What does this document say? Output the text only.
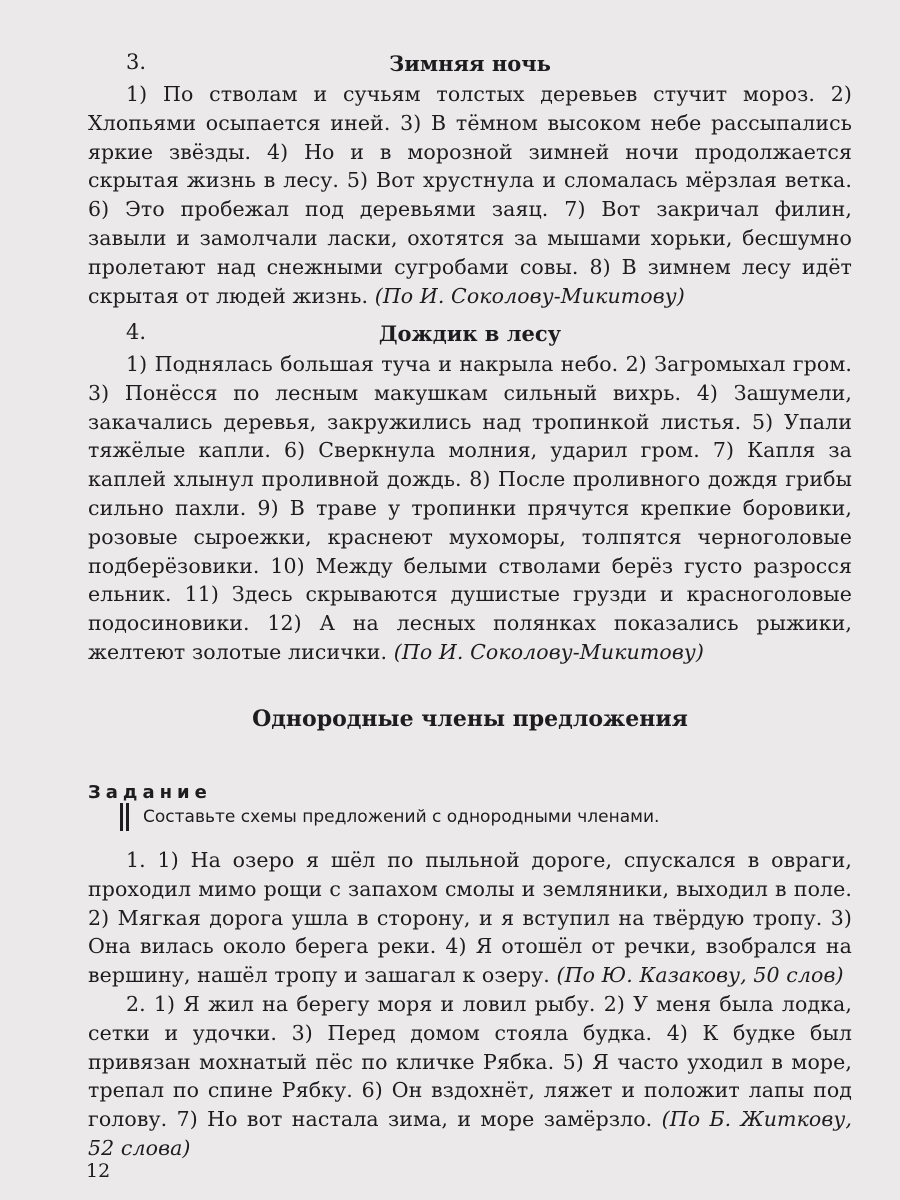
3.	Зимняя ночь

1) По стволам и сучьям толстых деревьев стучит мороз. 2) Хлопьями осыпается иней. 3) В тёмном высоком небе рассыпались яркие звёзды. 4) Но и в морозной зимней ночи продолжается скрытая жизнь в лесу. 5) Вот хрустнула и сломалась мёрзлая ветка. 6) Это пробежал под деревьями заяц. 7) Вот закричал филин, завыли и замолчали ласки, охотятся за мышами хорьки, бесшумно пролетают над снежными сугробами совы. 8) В зимнем лесу идёт скрытая от людей жизнь. (По И. Соколову-Микитову)

4.	Дождик в лесу

1) Поднялась большая туча и накрыла небо. 2) Загромыхал гром. 3) Понёсся по лесным макушкам сильный вихрь. 4) Зашумели, закачались деревья, закружились над тропинкой листья. 5) Упали тяжёлые капли. 6) Сверкнула молния, ударил гром. 7) Капля за каплей хлынул проливной дождь. 8) После проливного дождя грибы сильно пахли. 9) В траве у тропинки прячутся крепкие боровики, розовые сыроежки, краснеют мухоморы, толпятся черноголовые подберёзовики. 10) Между белыми стволами берёз густо разросся ельник. 11) Здесь скрываются душистые грузди и красноголовые подосиновики. 12) А на лесных полянках показались рыжики, желтеют золотые лисички. (По И. Соколову-Микитову)

Однородные члены предложения
Задание
Составьте схемы предложений с однородными членами.

1. 1) На озеро я шёл по пыльной дороге, спускался в овраги, проходил мимо рощи с запахом смолы и земляники, выходил в поле. 2) Мягкая дорога ушла в сторону, и я вступил на твёрдую тропу. 3) Она вилась около берега реки. 4) Я отошёл от речки, взобрался на вершину, нашёл тропу и зашагал к озеру. (По Ю. Казакову, 50 слов)

2. 1) Я жил на берегу моря и ловил рыбу. 2) У меня была лодка, сетки и удочки. 3) Перед домом стояла будка. 4) К будке был привязан мохнатый пёс по кличке Рябка. 5) Я часто уходил в море, трепал по спине Рябку. 6) Он вздохнёт, ляжет и положит лапы под голову. 7) Но вот настала зима, и море замёрзло. (По Б. Житкову, 52 слова)

12
